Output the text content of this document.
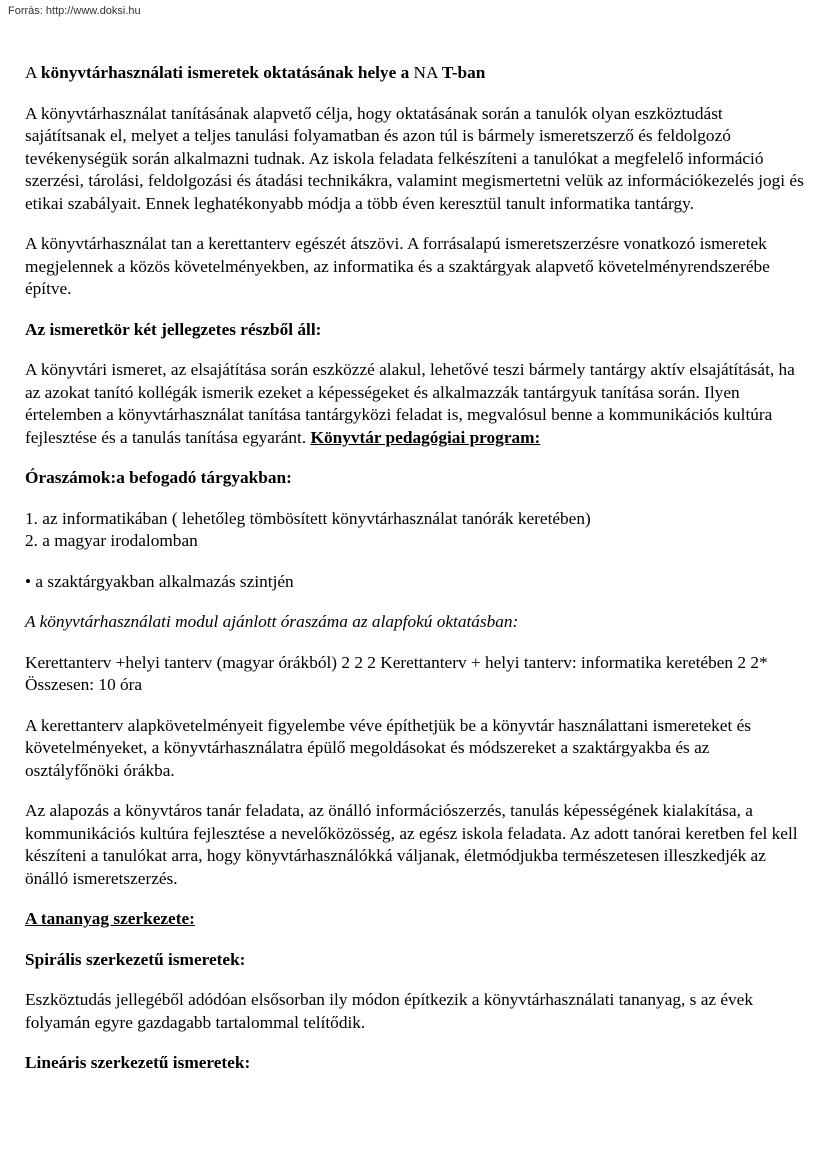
Forrás: http://www.doksi.hu

A könyvtárhasználati ismeretek oktatásának helye a NA T-ban

A könyvtárhasználat tanításának alapvető célja, hogy oktatásának során a tanulók olyan eszköztudást sajátítsanak el, melyet a teljes tanulási folyamatban és azon túl is bármely ismeretszerző és feldolgozó tevékenységük során alkalmazni tudnak. Az iskola feladata felkészíteni a tanulókat a megfelelő információ szerzési, tárolási, feldolgozási és átadási technikákra, valamint megismertetni velük az információkezelés jogi és etikai szabályait. Ennek leghatékonyabb módja a több éven keresztül tanult informatika tantárgy.

A könyvtárhasználat tan a kerettanterv egészét átszövi. A forrásalapú ismeretszerzésre vonatkozó ismeretek megjelennek a közös követelményekben, az informatika és a szaktárgyak alapvető követelményrendszerébe építve.

Az ismeretkör két jellegzetes részből áll:

A könyvtári ismeret, az elsajátítása során eszközzé alakul, lehetővé teszi bármely tantárgy aktív elsajátítását, ha az azokat tanító kollégák ismerik ezeket a képességeket és alkalmazzák tantárgyuk tanítása során. Ilyen értelemben a könyvtárhasználat tanítása tantárgyközi feladat is, megvalósul benne a kommunikációs kultúra fejlesztése és a tanulás tanítása egyaránt. Könyvtár pedagógiai program:

Óraszámok:a befogadó tárgyakban:

1. az informatikában ( lehetőleg tömbösített könyvtárhasználat tanórák keretében)

2. a magyar irodalomban

• a szaktárgyakban alkalmazás szintjén

A könyvtárhasználati modul ajánlott óraszáma az alapfokú oktatásban:

Kerettanterv +helyi tanterv (magyar órákból) 2 2 2 Kerettanterv + helyi tanterv: informatika keretében 2 2* Összesen: 10 óra

A kerettanterv alapkövetelményeit figyelembe véve építhetjük be a könyvtár használattani ismereteket és követelményeket, a könyvtárhasználatra épülő megoldásokat és módszereket a szaktárgyakba és az osztályfőnöki órákba.

Az alapozás a könyvtáros tanár feladata, az önálló információszerzés, tanulás képességének kialakítása, a kommunikációs kultúra fejlesztése a nevelőközösség, az egész iskola feladata. Az adott tanórai keretben fel kell készíteni a tanulókat arra, hogy könyvtárhasználókká váljanak, életmódjukba természetesen illeszkedjék az önálló ismeretszerzés.

A tananyag szerkezete:

Spirális szerkezetű ismeretek:

Eszköztudás jellegéből adódóan elsősorban ily módon építkezik a könyvtárhasználati tananyag, s az évek folyamán egyre gazdagabb tartalommal telítődik.

Lineáris szerkezetű ismeretek:
